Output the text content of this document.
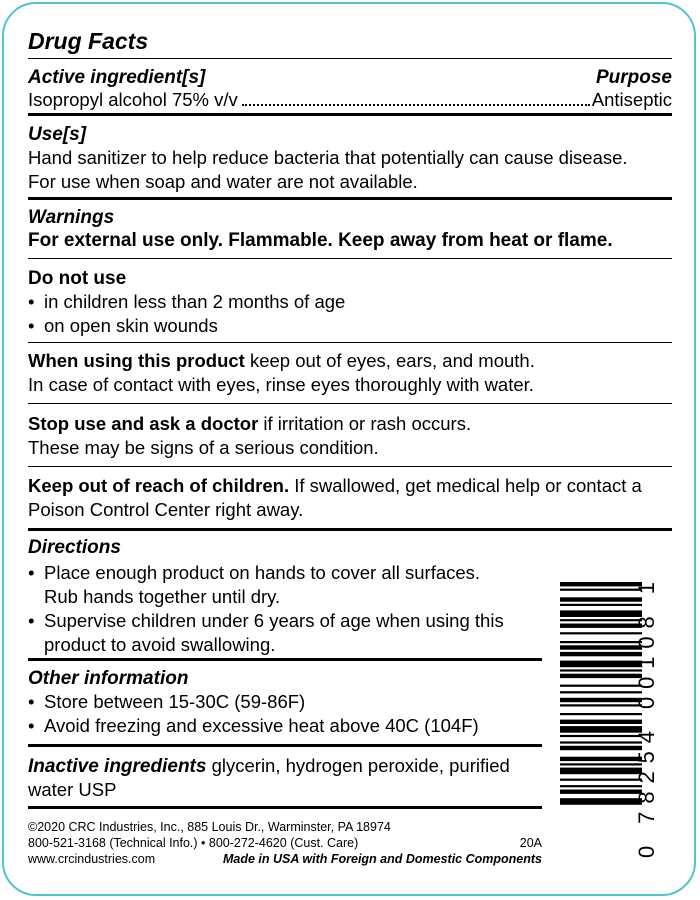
Drug Facts
Active ingredient[s]	Purpose
Isopropyl alcohol 75% v/v	Antiseptic
Use[s]
Hand sanitizer to help reduce bacteria that potentially can cause disease.
For use when soap and water are not available.
Warnings
For external use only. Flammable. Keep away from heat or flame.
Do not use
• in children less than 2 months of age
• on open skin wounds
When using this product keep out of eyes, ears, and mouth.
In case of contact with eyes, rinse eyes thoroughly with water.
Stop use and ask a doctor if irritation or rash occurs.
These may be signs of a serious condition.
Keep out of reach of children. If swallowed, get medical help or contact a
Poison Control Center right away.
Directions
• Place enough product on hands to cover all surfaces.
Rub hands together until dry.
• Supervise children under 6 years of age when using this
product to avoid swallowing.
Other information
• Store between 15-30C (59-86F)
• Avoid freezing and excessive heat above 40C (104F)
Inactive ingredients glycerin, hydrogen peroxide, purified
water USP
©2020 CRC Industries, Inc., 885 Louis Dr., Warminster, PA 18974
800-521-3168 (Technical Info.) • 800-272-4620 (Cust. Care)	20A
www.crcindustries.com	Made in USA with Foreign and Domestic Components
0 78254 00108 1
